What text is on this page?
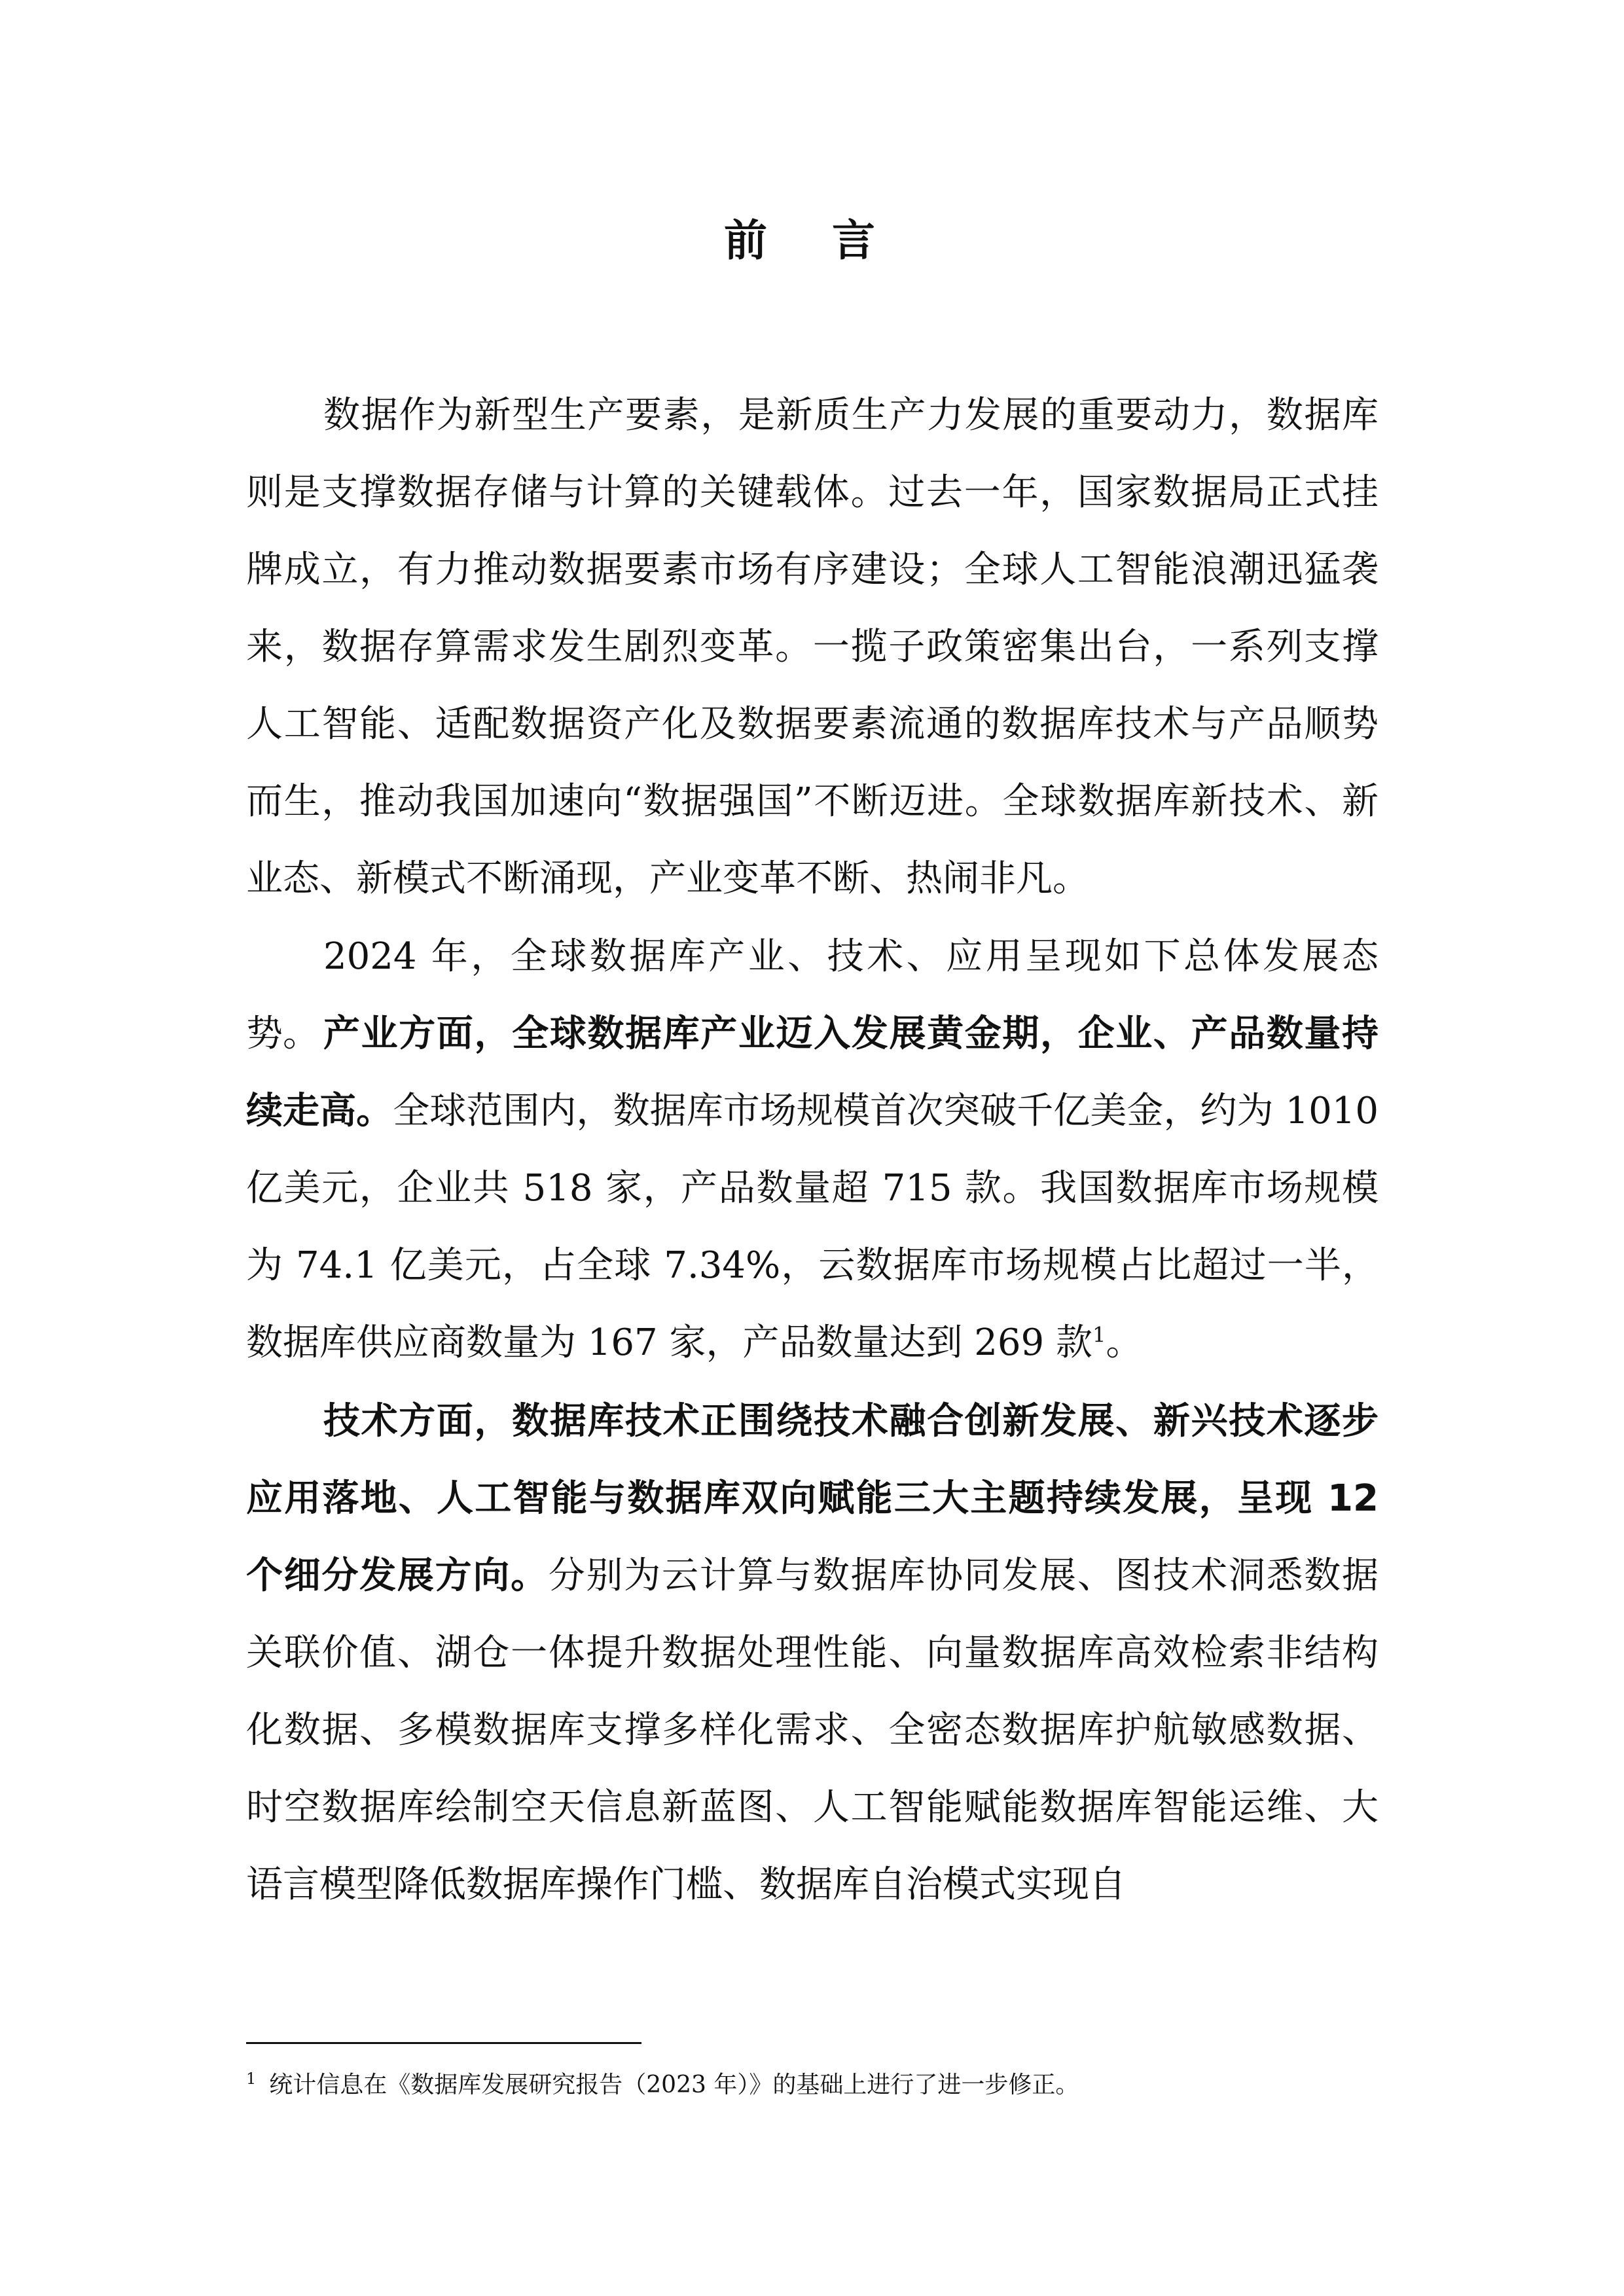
前 言

数据作为新型生产要素，是新质生产力发展的重要动力，数据库则是支撑数据存储与计算的关键载体。过去一年，国家数据局正式挂牌成立，有力推动数据要素市场有序建设；全球人工智能浪潮迅猛袭来，数据存算需求发生剧烈变革。一揽子政策密集出台，一系列支撑人工智能、适配数据资产化及数据要素流通的数据库技术与产品顺势而生，推动我国加速向“数据强国”不断迈进。全球数据库新技术、新业态、新模式不断涌现，产业变革不断、热闹非凡。

2024 年，全球数据库产业、技术、应用呈现如下总体发展态势。 产业方面，全球数据库产业迈入发展黄金期，企业、产品数量持续走高。全球范围内，数据库市场规模首次突破千亿美金，约为 1010 亿美元，企业共 518 家，产品数量超 715 款。我国数据库市场规模为 74.1 亿美元，占全球 7.34%，云数据库市场规模占比超过一半，数据库供应商数量为 167 家，产品数量达到 269 款$^1$。

技术方面，数据库技术正围绕技术融合创新发展、新兴技术逐步应用落地、人工智能与数据库双向赋能三大主题持续发展，呈现 12 个细分发展方向。分别为云计算与数据库协同发展、图技术洞悉数据关联价值、湖仓一体提升数据处理性能、向量数据库高效检索非结构化数据、多模数据库支撑多样化需求、全密态数据库护航敏感数据、时空数据库绘制空天信息新蓝图、人工智能赋能数据库智能运维、大语言模型降低数据库操作门槛、数据库自治模式实现自

$^1$ 统计信息在《数据库发展研究报告（2023 年）》的基础上进行了进一步修正。
